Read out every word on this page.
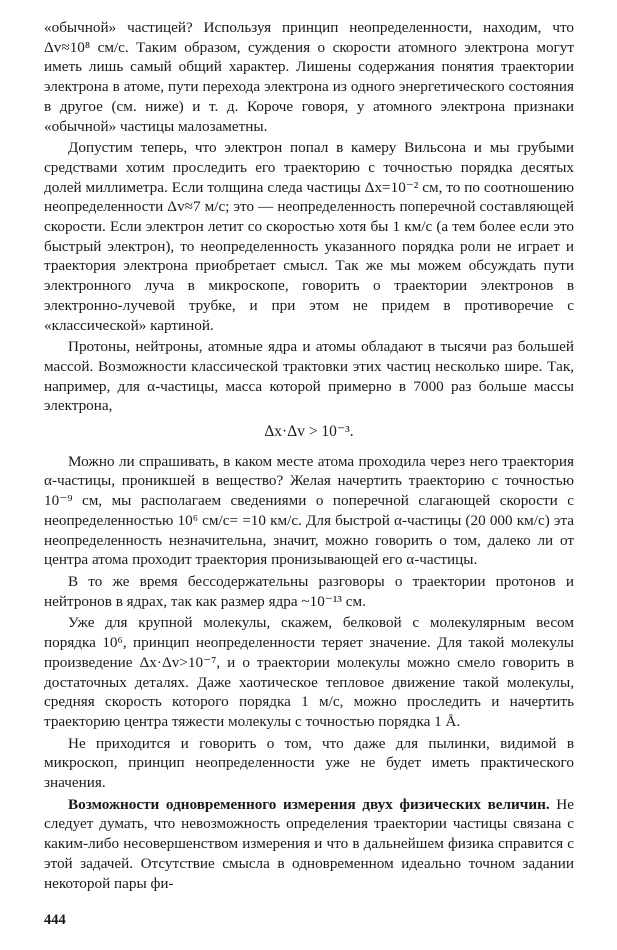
«обычной» частицей? Используя принцип неопределенности, находим, что Δv≈10⁸ см/с. Таким образом, суждения о скорости атомного электрона могут иметь лишь самый общий характер. Лишены содержания понятия траектории электрона в атоме, пути перехода электрона из одного энергетического состояния в другое (см. ниже) и т. д. Короче говоря, у атомного электрона признаки «обычной» частицы малозаметны.

Допустим теперь, что электрон попал в камеру Вильсона и мы грубыми средствами хотим проследить его траекторию с точностью порядка десятых долей миллиметра. Если толщина следа частицы Δx=10⁻² см, то по соотношению неопределенности Δv≈7 м/с; это — неопределенность поперечной составляющей скорости. Если электрон летит со скоростью хотя бы 1 км/с (а тем более если это быстрый электрон), то неопределенность указанного порядка роли не играет и траектория электрона приобретает смысл. Так же мы можем обсуждать пути электронного луча в микроскопе, говорить о траектории электронов в электронно-лучевой трубке, и при этом не придем в противоречие с «классической» картиной.

Протоны, нейтроны, атомные ядра и атомы обладают в тысячи раз большей массой. Возможности классической трактовки этих частиц несколько шире. Так, например, для α-частицы, масса которой примерно в 7000 раз больше массы электрона,

Δx·Δv > 10⁻³.

Можно ли спрашивать, в каком месте атома проходила через него траектория α-частицы, проникшей в вещество? Желая начертить траекторию с точностью 10⁻⁹ см, мы располагаем сведениями о поперечной слагающей скорости с неопределенностью 10⁶ см/с= =10 км/с. Для быстрой α-частицы (20 000 км/с) эта неопределенность незначительна, значит, можно говорить о том, далеко ли от центра атома проходит траектория пронизывающей его α-частицы.

В то же время бессодержательны разговоры о траектории протонов и нейтронов в ядрах, так как размер ядра ~10⁻¹³ см.

Уже для крупной молекулы, скажем, белковой с молекулярным весом порядка 10⁶, принцип неопределенности теряет значение. Для такой молекулы произведение Δx·Δv>10⁻⁷, и о траектории молекулы можно смело говорить в достаточных деталях. Даже хаотическое тепловое движение такой молекулы, средняя скорость которого порядка 1 м/с, можно проследить и начертить траекторию центра тяжести молекулы с точностью порядка 1 Å.

Не приходится и говорить о том, что даже для пылинки, видимой в микроскоп, принцип неопределенности уже не будет иметь практического значения.

Возможности одновременного измерения двух физических величин. Не следует думать, что невозможность определения траектории частицы связана с каким-либо несовершенством измерения и что в дальнейшем физика справится с этой задачей. Отсутствие смысла в одновременном идеально точном задании некоторой пары фи-

444
